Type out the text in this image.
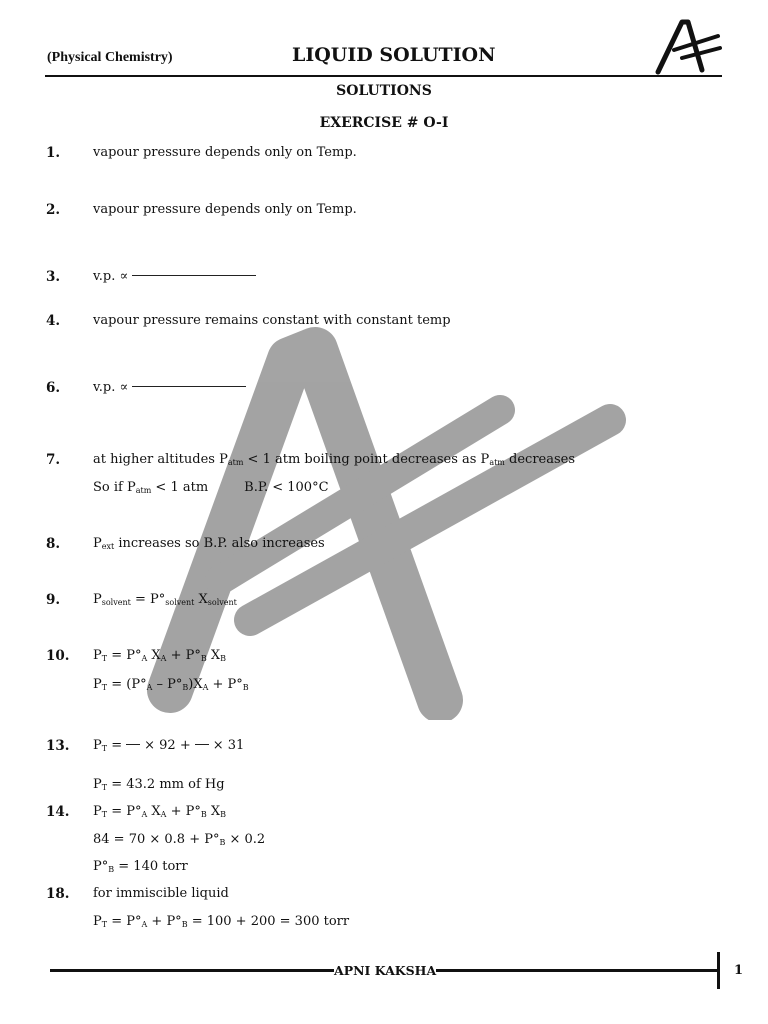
(Physical Chemistry)	LIQUID SOLUTION
SOLUTIONS
EXERCISE # O-I
1.	vapour pressure depends only on Temp.
2.	vapour pressure depends only on Temp.
3.	v.p. ∝
4.	vapour pressure remains constant with constant temp
6.	v.p. ∝
7.	at higher altitudes $P_{atm} < 1$ atm boiling point decreases as $P_{atm}$ decreases
So if $P_{atm} < 1$ atm	B.P. < 100°C
8.	$P_{ext}$ increases so B.P. also increases
9.	$P_{solvent} = P^\circ_{solvent}$ $X_{solvent}$
10. $P_T = P^\circ_A$ $X_A + P^\circ_B$ $X_B$
$P_T = (P^\circ_A - P^\circ_B)X_A + P^\circ_B$
13. $P_T$ = × 92 + × 31
$P_T = 43.2$ mm of Hg
14. $P_T = P^\circ_A$ $X_A + P^\circ_B$ $X_B$
$84 = 70 \times 0.8 + P^\circ_B \times 0.2$
$P^\circ_B = 140$ torr
18. for immiscible liquid
$P_T = P^\circ_A + P^\circ_B = 100 + 200 = 300$ torr
APNI KAKSHA	1
